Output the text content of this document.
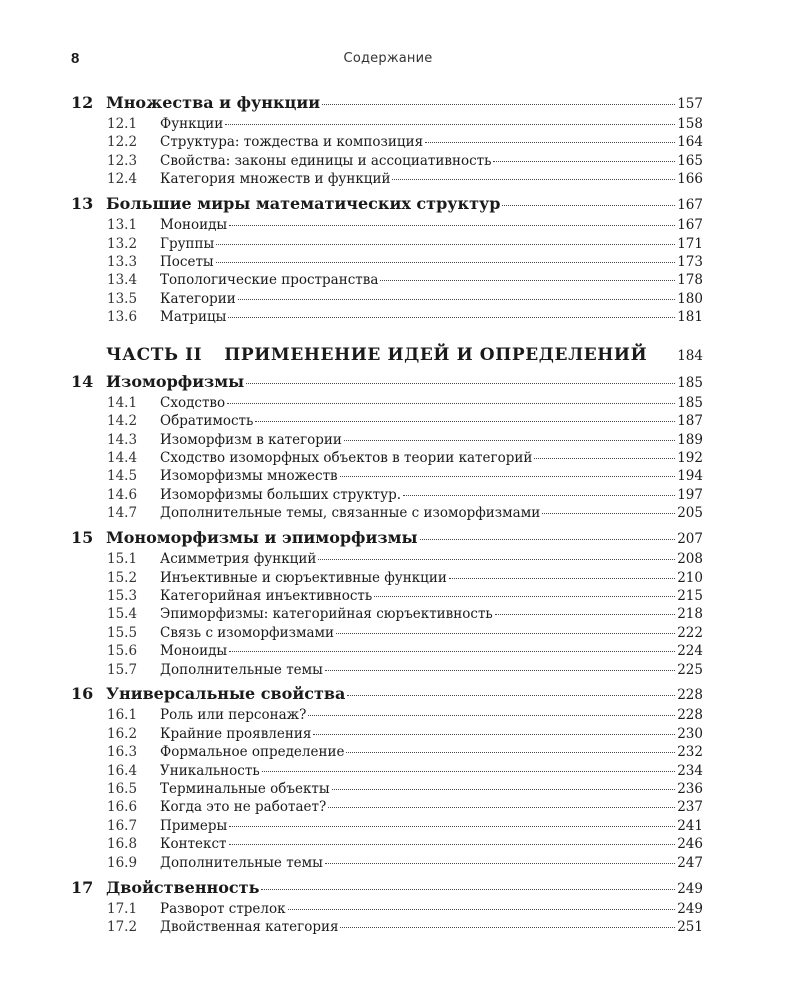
8	Содержание
12 Множества и функции	157
12.1	Функции	158
12.2	Структура: тождества и композиция	164
12.3	Свойства: законы единицы и ассоциативность	165
12.4	Категория множеств и функций	166
13 Большие миры математических структур	167
13.1	Моноиды	167
13.2	Группы	171
13.3	Посеты	173
13.4	Топологические пространства	178
13.5	Категории	180
13.6	Матрицы	181
ЧАСТЬ II ПРИМЕНЕНИЕ ИДЕЙ И ОПРЕДЕЛЕНИЙ 184
14 Изоморфизмы	185
14.1	Сходство	185
14.2	Обратимость	187
14.3	Изоморфизм в категории	189
14.4	Сходство изоморфных объектов в теории категорий	192
14.5	Изоморфизмы множеств	194
14.6	Изоморфизмы больших структур.	197
14.7	Дополнительные темы, связанные с изоморфизмами	205
15 Мономорфизмы и эпиморфизмы	207
15.1	Асимметрия функций	208
15.2	Инъективные и сюръективные функции	210
15.3	Категорийная инъективность	215
15.4	Эпиморфизмы: категорийная сюръективность	218
15.5	Связь с изоморфизмами	222
15.6	Моноиды	224
15.7	Дополнительные темы	225
16 Универсальные свойства	228
16.1	Роль или персонаж?	228
16.2	Крайние проявления	230
16.3	Формальное определение	232
16.4	Уникальность	234
16.5	Терминальные объекты	236
16.6	Когда это не работает?	237
16.7	Примеры	241
16.8	Контекст	246
16.9	Дополнительные темы	247
17 Двойственность	249
17.1	Разворот стрелок	249
17.2	Двойственная категория	251
